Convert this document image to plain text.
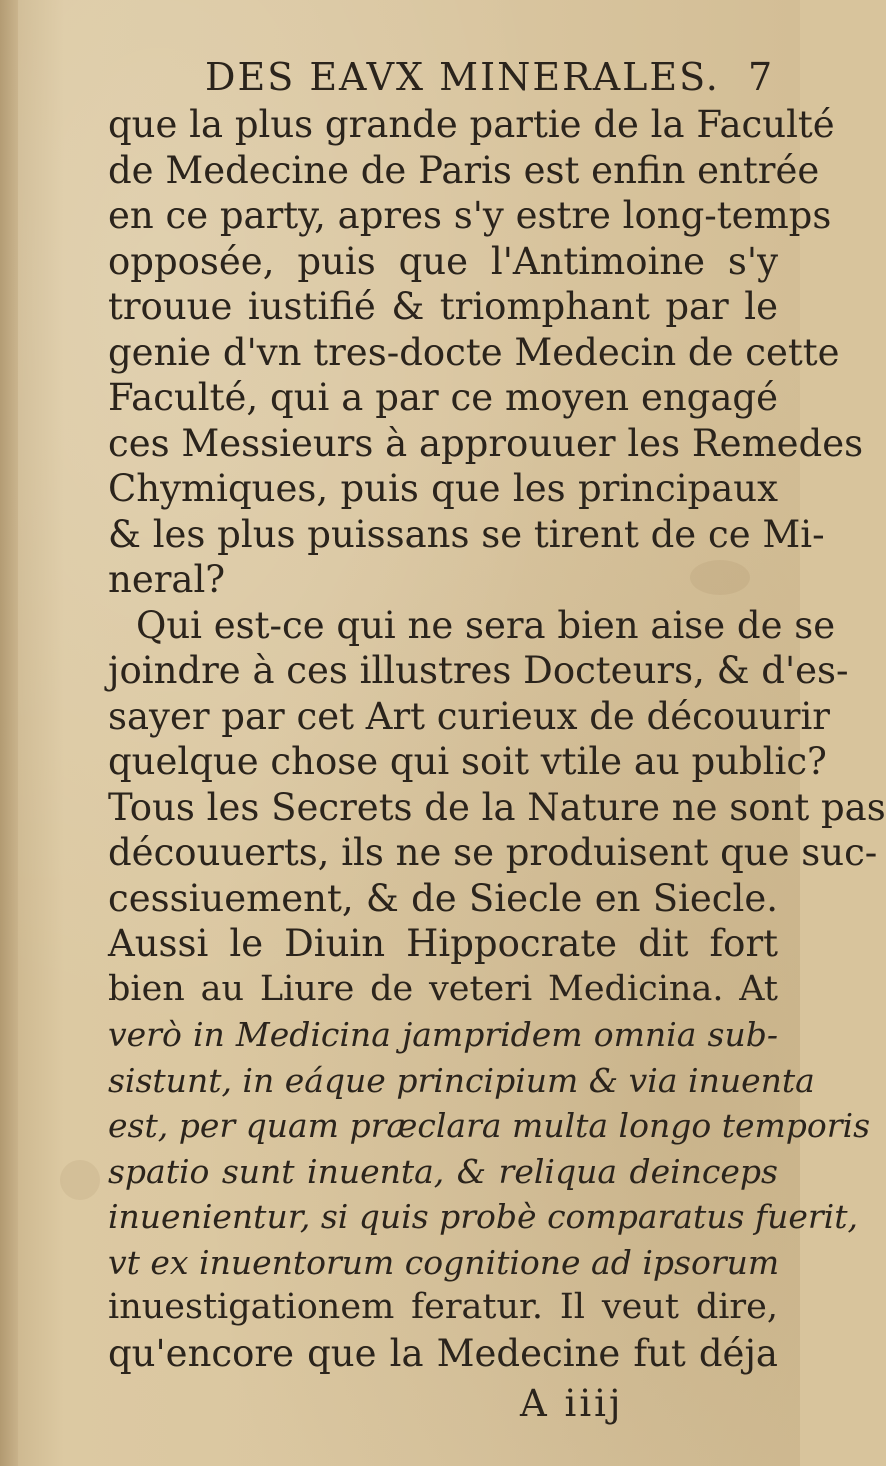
DES EAVX MINERALES. 7
que la plus grande partie de la Faculté
de Medecine de Paris est enfin entrée
en ce party, apres s'y estre long-temps
opposée, puis que l'Antimoine s'y
trouue iustifié & triomphant par le
genie d'vn tres-docte Medecin de cette
Faculté, qui a par ce moyen engagé
ces Messieurs à approuuer les Remedes
Chymiques, puis que les principaux
& les plus puissans se tirent de ce Mi-
neral?
Qui est-ce qui ne sera bien aise de se
joindre à ces illustres Docteurs, & d'es-
sayer par cet Art curieux de découurir
quelque chose qui soit vtile au public?
Tous les Secrets de la Nature ne sont pas
découuerts, ils ne se produisent que suc-
cessiuement, & de Siecle en Siecle.
Aussi le Diuin Hippocrate dit fort
bien au Liure de veteri Medicina. At
verò in Medicina jampridem omnia sub-
sistunt, in eáque principium & via inuenta
est, per quam præclara multa longo temporis
spatio sunt inuenta, & reliqua deinceps
inuenientur, si quis probè comparatus fuerit,
vt ex inuentorum cognitione ad ipsorum
inuestigationem feratur. Il veut dire,
qu'encore que la Medecine fut déja
A iiij
